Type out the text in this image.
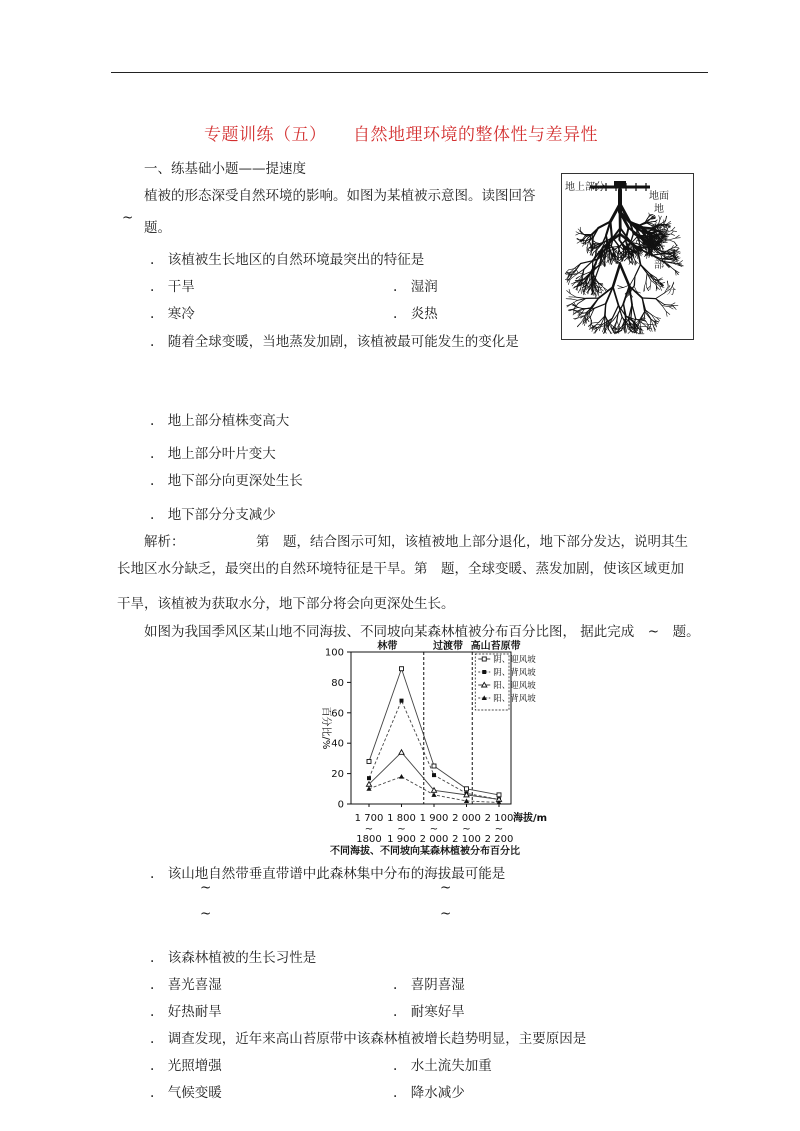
专题训练（五）　　自然地理环境的整体性与差异性
一、练基础小题——提速度
植被的形态深受自然环境的影响。如图为某植被示意图。读图回答
~
题。
地上部分
地面
地
下
部
分
.　该植被生长地区的自然环境最突出的特征是
.　干旱	.　湿润
.　寒冷	.　炎热
.　随着全球变暖，当地蒸发加剧，该植被最可能发生的变化是
.　地上部分植株变高大
.　地上部分叶片变大
.　地下部分向更深处生长
.　地下部分分支减少
解析：	第　题，结合图示可知，该植被地上部分退化，地下部分发达，说明其生
长地区水分缺乏，最突出的自然环境特征是干旱。第　题，全球变暖、蒸发加剧，使该区域更加
干旱，该植被为获取水分，地下部分将会向更深处生长。
如图为我国季风区某山地不同海拔、不同坡向某森林植被分布百分比图， 据此完成　~　题。
0
20
40
60
80
100
林带	过渡带 高山苔原带
百分比/%
阴、迎风坡
阴、背风坡
阳、迎风坡
阳、背风坡
1 700 1 800 1 900 2 000 2 100
~ ~ ~ ~ ~
1800 1 900 2 000 2 100 2 200
海拔/m
不同海拔、不同坡向某森林植被分布百分比
.　该山地自然带垂直带谱中此森林集中分布的海拔最可能是
~	~
~	~
.　该森林植被的生长习性是
.　喜光喜湿	.　喜阴喜湿
.　好热耐旱	.　耐寒好旱
.　调查发现，近年来高山苔原带中该森林植被增长趋势明显，主要原因是
.　光照增强	.　水土流失加重
.　气候变暖	.　降水减少
